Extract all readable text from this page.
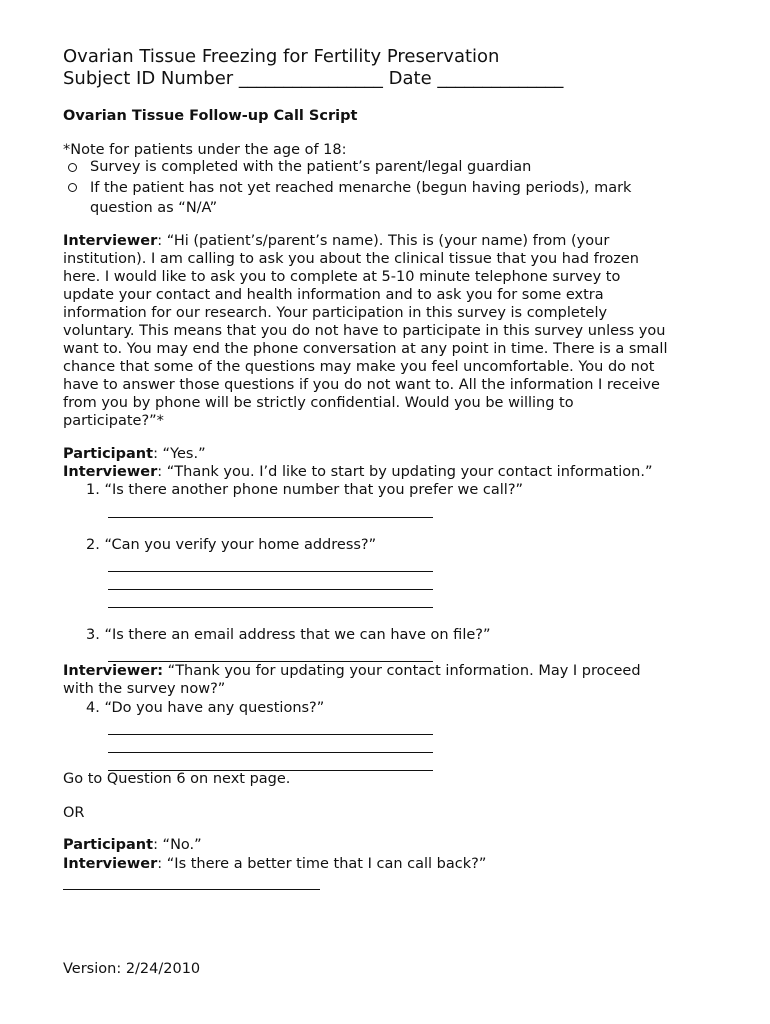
Ovarian Tissue Freezing for Fertility Preservation
Subject ID Number ________________ Date ______________
Ovarian Tissue Follow-up Call Script
*Note for patients under the age of 18:
Survey is completed with the patient’s parent/legal guardian
If the patient has not yet reached menarche (begun having periods), mark
question as “N/A”
Interviewer: “Hi (patient’s/parent’s name). This is (your name) from (your
institution). I am calling to ask you about the clinical tissue that you had frozen
here. I would like to ask you to complete at 5-10 minute telephone survey to
update your contact and health information and to ask you for some extra
information for our research. Your participation in this survey is completely
voluntary. This means that you do not have to participate in this survey unless you
want to. You may end the phone conversation at any point in time. There is a small
chance that some of the questions may make you feel uncomfortable. You do not
have to answer those questions if you do not want to. All the information I receive
from you by phone will be strictly confidential. Would you be willing to
participate?”*
Participant: “Yes.”
Interviewer: “Thank you. I’d like to start by updating your contact information.”
1. “Is there another phone number that you prefer we call?”
2. “Can you verify your home address?”
3. “Is there an email address that we can have on file?”
Interviewer: “Thank you for updating your contact information. May I proceed
with the survey now?”
4. “Do you have any questions?”
Go to Question 6 on next page.
OR
Participant: “No.”
Interviewer: “Is there a better time that I can call back?”
Version: 2/24/2010
